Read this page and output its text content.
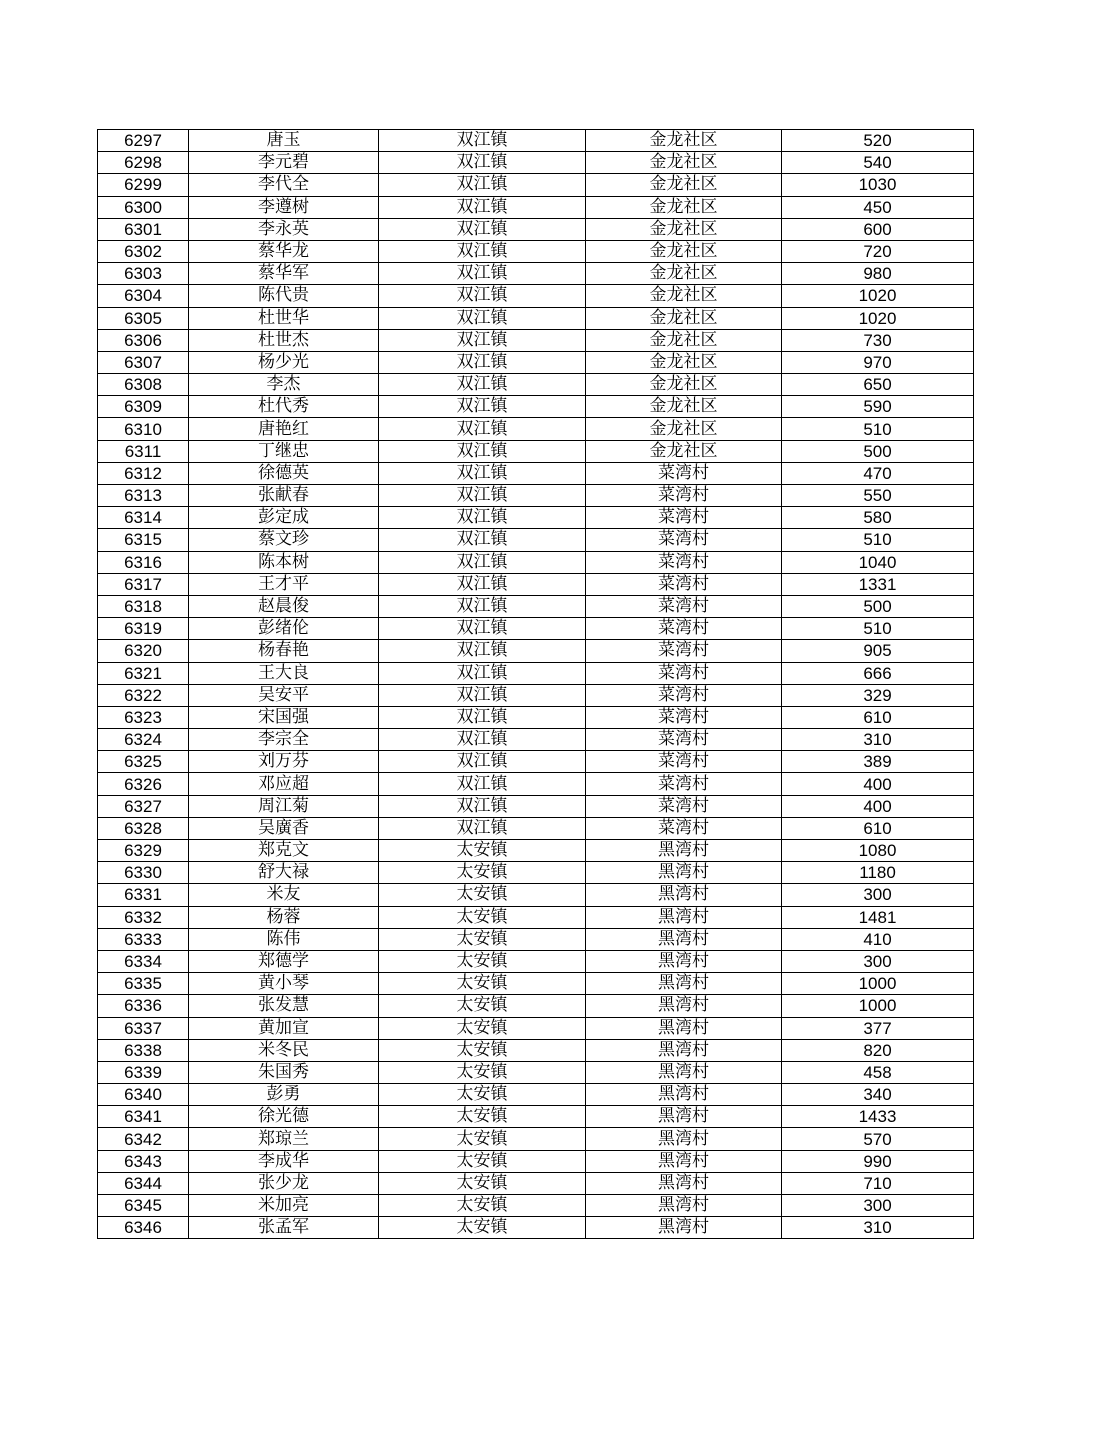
6297	唐玉	双江镇	金龙社区	520
6298	李元碧	双江镇	金龙社区	540
6299	李代全	双江镇	金龙社区	1030
6300	李遵树	双江镇	金龙社区	450
6301	李永英	双江镇	金龙社区	600
6302	蔡华龙	双江镇	金龙社区	720
6303	蔡华军	双江镇	金龙社区	980
6304	陈代贵	双江镇	金龙社区	1020
6305	杜世华	双江镇	金龙社区	1020
6306	杜世杰	双江镇	金龙社区	730
6307	杨少光	双江镇	金龙社区	970
6308	李杰	双江镇	金龙社区	650
6309	杜代秀	双江镇	金龙社区	590
6310	唐艳红	双江镇	金龙社区	510
6311	丁继忠	双江镇	金龙社区	500
6312	徐德英	双江镇	菜湾村	470
6313	张献春	双江镇	菜湾村	550
6314	彭定成	双江镇	菜湾村	580
6315	蔡文珍	双江镇	菜湾村	510
6316	陈本树	双江镇	菜湾村	1040
6317	王才平	双江镇	菜湾村	1331
6318	赵晨俊	双江镇	菜湾村	500
6319	彭绪伦	双江镇	菜湾村	510
6320	杨春艳	双江镇	菜湾村	905
6321	王大良	双江镇	菜湾村	666
6322	吴安平	双江镇	菜湾村	329
6323	宋国强	双江镇	菜湾村	610
6324	李宗全	双江镇	菜湾村	310
6325	刘万芬	双江镇	菜湾村	389
6326	邓应超	双江镇	菜湾村	400
6327	周江菊	双江镇	菜湾村	400
6328	吴廣香	双江镇	菜湾村	610
6329	郑克文	太安镇	黑湾村	1080
6330	舒大禄	太安镇	黑湾村	1180
6331	米友	太安镇	黑湾村	300
6332	杨蓉	太安镇	黑湾村	1481
6333	陈伟	太安镇	黑湾村	410
6334	郑德学	太安镇	黑湾村	300
6335	黄小琴	太安镇	黑湾村	1000
6336	张发慧	太安镇	黑湾村	1000
6337	黄加宣	太安镇	黑湾村	377
6338	米冬民	太安镇	黑湾村	820
6339	朱国秀	太安镇	黑湾村	458
6340	彭勇	太安镇	黑湾村	340
6341	徐光德	太安镇	黑湾村	1433
6342	郑琼兰	太安镇	黑湾村	570
6343	李成华	太安镇	黑湾村	990
6344	张少龙	太安镇	黑湾村	710
6345	米加亮	太安镇	黑湾村	300
6346	张孟军	太安镇	黑湾村	310
